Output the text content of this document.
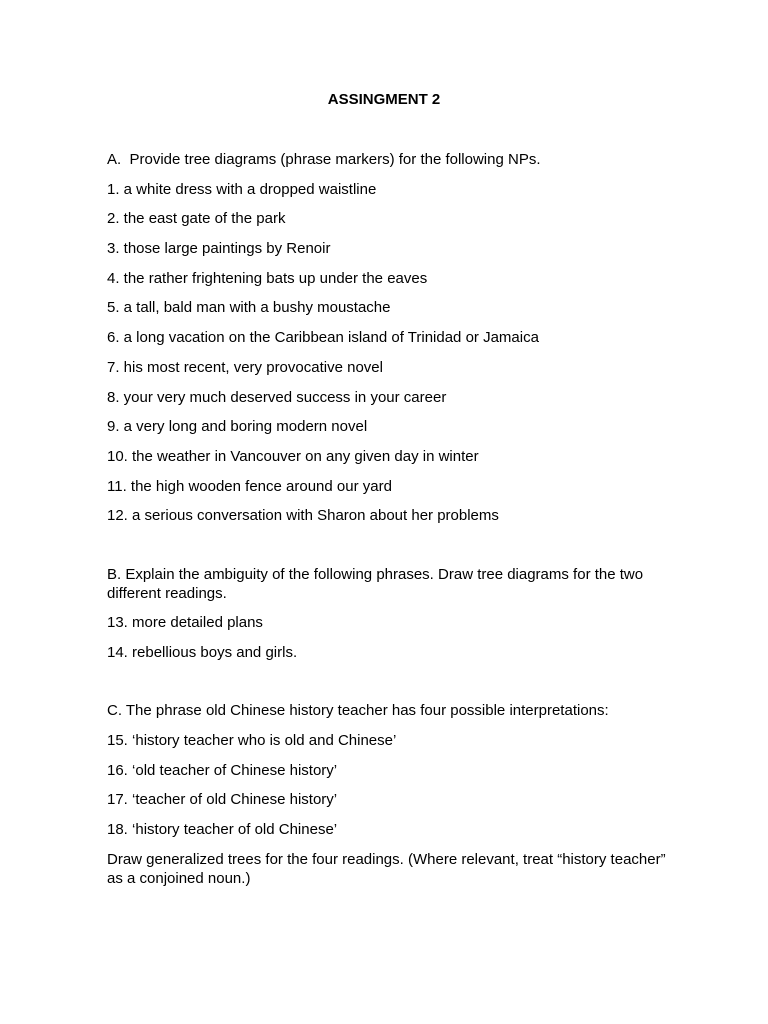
ASSINGMENT 2
A.  Provide tree diagrams (phrase markers) for the following NPs.
1. a white dress with a dropped waistline
2. the east gate of the park
3. those large paintings by Renoir
4. the rather frightening bats up under the eaves
5. a tall, bald man with a bushy moustache
6. a long vacation on the Caribbean island of Trinidad or Jamaica
7. his most recent, very provocative novel
8. your very much deserved success in your career
9. a very long and boring modern novel
10. the weather in Vancouver on any given day in winter
11. the high wooden fence around our yard
12. a serious conversation with Sharon about her problems
B. Explain the ambiguity of the following phrases. Draw tree diagrams for the two different readings.
13. more detailed plans
14. rebellious boys and girls.
C. The phrase old Chinese history teacher has four possible interpretations:
15. ‘history teacher who is old and Chinese’
16. ‘old teacher of Chinese history’
17. ‘teacher of old Chinese history’
18. ‘history teacher of old Chinese’
Draw generalized trees for the four readings. (Where relevant, treat “history teacher” as a conjoined noun.)
